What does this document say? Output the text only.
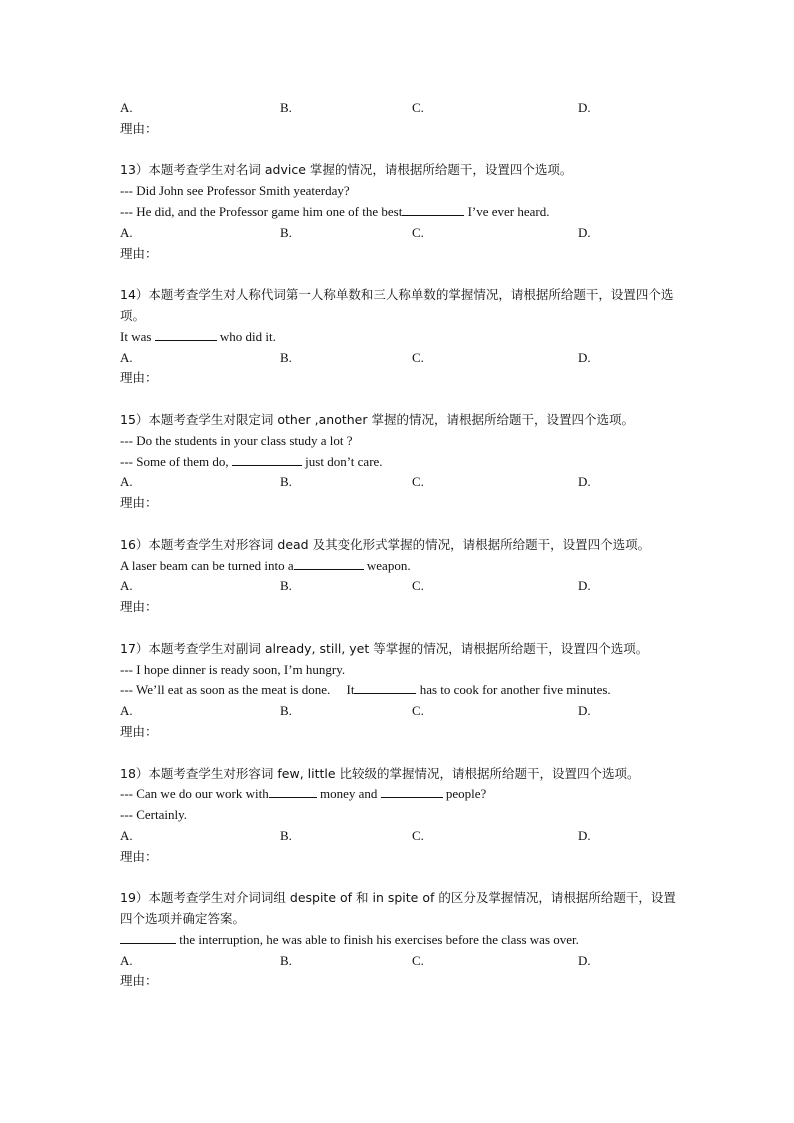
A.	B.	C.	D.
理由：
13）本题考查学生对名词 advice 掌握的情况，请根据所给题干，设置四个选项。
--- Did John see Professor Smith yeaterday?
--- He did, and the Professor game him one of the best	I’ve ever heard.
A.	B.	C.	D.
理由：
14）本题考查学生对人称代词第一人称单数和三人称单数的掌握情况，请根据所给题干，设置四个选项。
It was	who did it.
A.	B.	C.	D.
理由：
15）本题考查学生对限定词 other ,another 掌握的情况，请根据所给题干，设置四个选项。
--- Do the students in your class study a lot ?
--- Some of them do,	just don’t care.
A.	B.	C.	D.
理由：
16）本题考查学生对形容词 dead 及其变化形式掌握的情况，请根据所给题干，设置四个选项。
A laser beam can be turned into a	weapon.
A.	B.	C.	D.
理由：
17）本题考查学生对副词 already, still, yet 等掌握的情况，请根据所给题干，设置四个选项。
--- I hope dinner is ready soon, I’m hungry.
--- We’ll eat as soon as the meat is done.     It	has to cook for another five minutes.
A.	B.	C.	D.
理由：
18）本题考查学生对形容词 few, little 比较级的掌握情况，请根据所给题干，设置四个选项。
--- Can we do our work with	money and	people?
--- Certainly.
A.	B.	C.	D.
理由：
19）本题考查学生对介词词组 despite of 和 in spite of 的区分及掌握情况，请根据所给题干，设置四个选项并确定答案。
the interruption, he was able to finish his exercises before the class was over.
A.	B.	C.	D.
理由：
